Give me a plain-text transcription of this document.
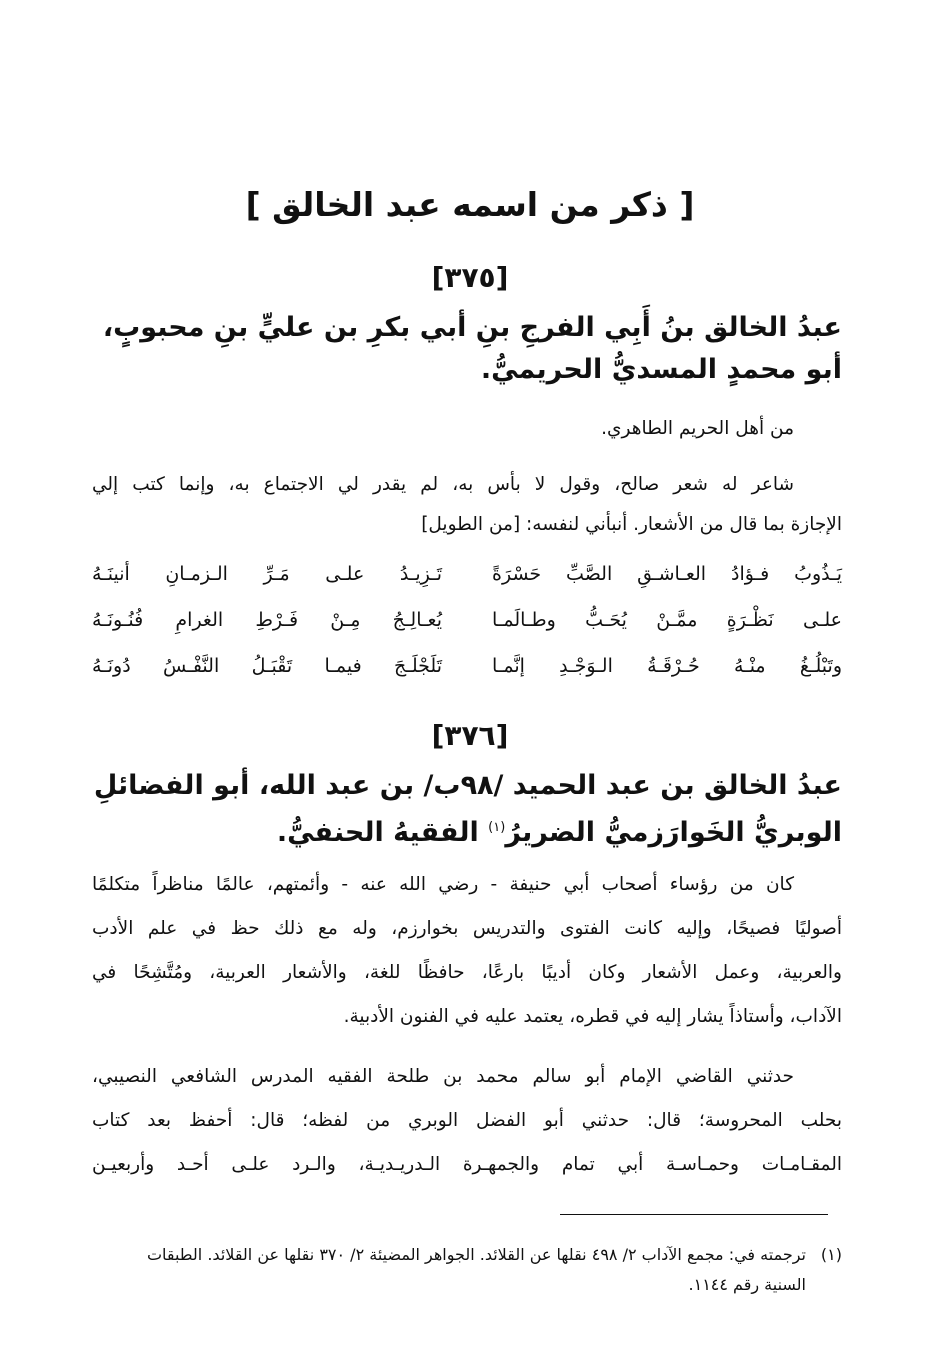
[ ذكر من اسمه عبد الخالق ]
[٣٧٥]
عبدُ الخالق بنُ أَبِي الفرجِ بنِ أبي بكرِ بن عليٍّ بنِ محبوبٍ،
أبو محمدٍ المسديُّ الحريميُّ.
من أهل الحريم الطاهري.
شاعر له شعر صالح، وقول لا بأس به، لم يقدر لي الاجتماع به، وإنما كتب إلي
الإجازة بما قال من الأشعار. أنبأني لنفسه: [من الطويل]
يَـذُوبُ فـؤادُ العـاشـقِ الصَّبِّ حَسْرَةً
تَـزِيـدُ علـى مَـرِّ الـزمـانِ أنينَـهُ
علـى نَظْـرَةٍ ممَّـنْ يُحَـبُّ وطـالَمـا
يُعـالِـجُ مِـنْ فَـرْطِ الغرامِ فُنُـونَـهُ
وتَبْلُـغُ منْـهُ حُـرْقَـةُ الـوَجْـدِ إنَّمـا
تَلَجْلَـجَ فيمـا تَقْبَـلُ النَّفْـسُ دُونَـهُ
[٣٧٦]
عبدُ الخالق بن عبد الحميد /٩٨ب/ بن عبد الله، أبو الفضائلِ
الوبريُّ الخَوارَزميُّ الضريرُ$^{(١)}$ الفقيهُ الحنفيُّ.
كان من رؤساء أصحاب أبي حنيفة - رضي الله عنه - وأئمتهم، عالمًا مناظراً متكلمًا
أصوليًا فصيحًا، وإليه كانت الفتوى والتدريس بخوارزم، وله مع ذلك حظ في علم الأدب
والعربية، وعمل الأشعار وكان أديبًا بارعًا، حافظًا للغة، والأشعار العربية، ومُتَّشِحًا في
الآداب، وأستاذاً يشار إليه في قطره، يعتمد عليه في الفنون الأدبية.
حدثني القاضي الإمام أبو سالم محمد بن طلحة الفقيه المدرس الشافعي النصيبي،
بحلب المحروسة؛ قال: حدثني أبو الفضل الوبري من لفظه؛ قال: أحفظ بعد كتاب
المقـامـات وحمـاسـة أبي تمام والجمهـرة الـدريـديـة، والـرد علـى أحـد وأربعيـن
(١)
ترجمته في: مجمع الآداب ٢/ ٤٩٨ نقلها عن القلائد. الجواهر المضيئة ٢/ ٣٧٠ نقلها عن القلائد. الطبقات
السنية رقم ١١٤٤.
